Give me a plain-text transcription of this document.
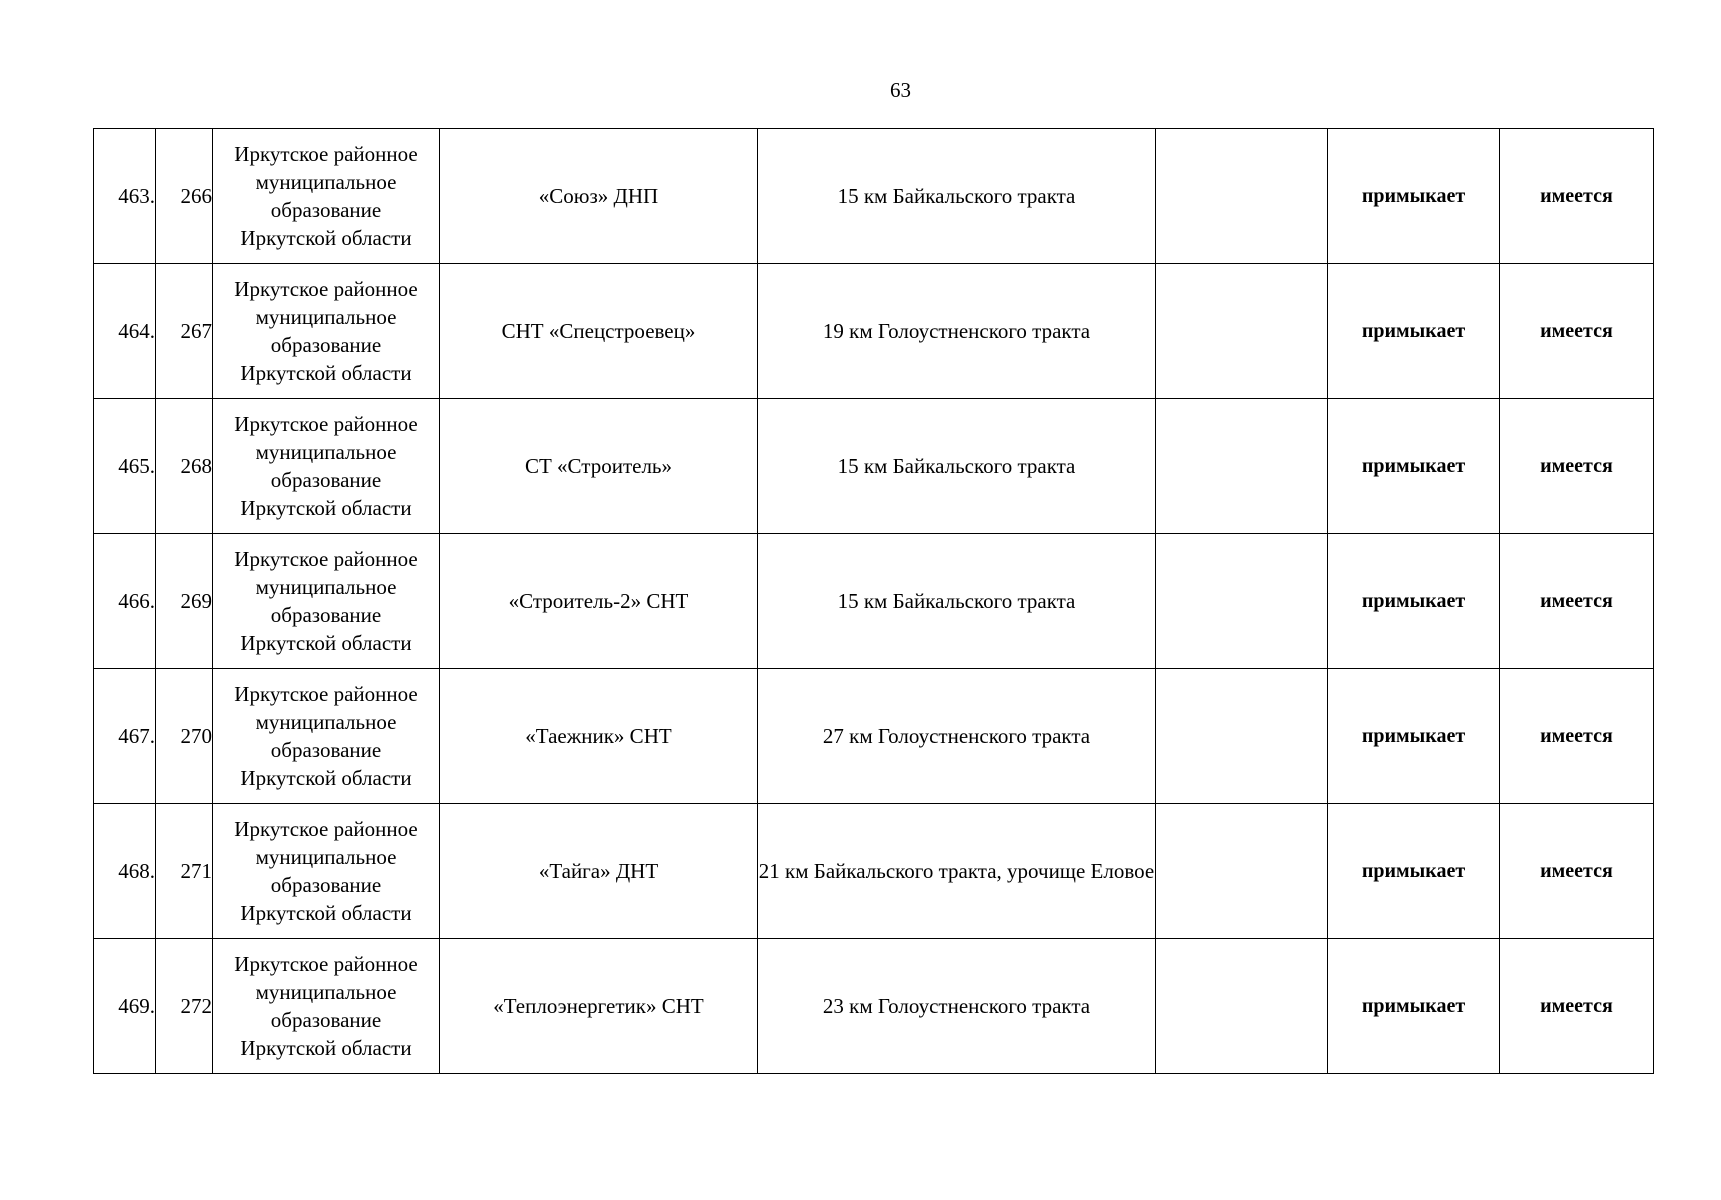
63
463.	266	Иркутское районное
муниципальное
образование
Иркутской области	«Союз» ДНП	15 км Байкальского тракта		примыкает	имеется
464.	267	Иркутское районное
муниципальное
образование
Иркутской области	СНТ «Спецстроевец»	19 км Голоустненского тракта		примыкает	имеется
465.	268	Иркутское районное
муниципальное
образование
Иркутской области	СТ «Строитель»	15 км Байкальского тракта		примыкает	имеется
466.	269	Иркутское районное
муниципальное
образование
Иркутской области	«Строитель-2» СНТ	15 км Байкальского тракта		примыкает	имеется
467.	270	Иркутское районное
муниципальное
образование
Иркутской области	«Таежник» СНТ	27 км Голоустненского тракта		примыкает	имеется
468.	271	Иркутское районное
муниципальное
образование
Иркутской области	«Тайга» ДНТ	21 км Байкальского тракта, урочище Еловое		примыкает	имеется
469.	272	Иркутское районное
муниципальное
образование
Иркутской области	«Теплоэнергетик» СНТ	23 км Голоустненского тракта		примыкает	имеется
